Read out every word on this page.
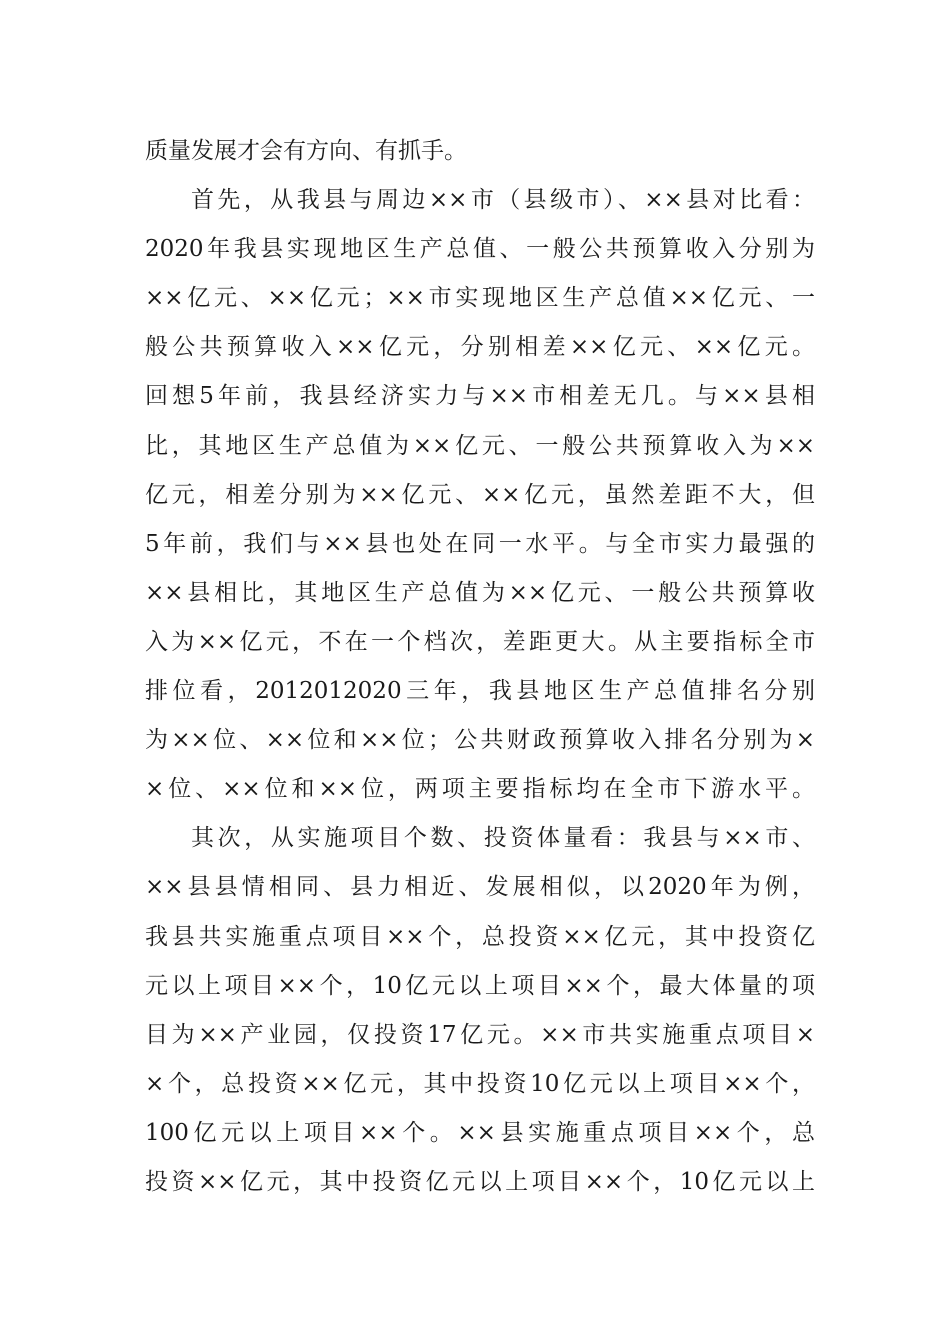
质量发展才会有方向、有抓手。
首先，从我县与周边××市（县级市）、××县对比看：
2020年我县实现地区生产总值、一般公共预算收入分别为
××亿元、××亿元；××市实现地区生产总值××亿元、一
般公共预算收入××亿元，分别相差××亿元、××亿元。
回想5年前，我县经济实力与××市相差无几。与××县相
比，其地区生产总值为××亿元、一般公共预算收入为××
亿元，相差分别为××亿元、××亿元，虽然差距不大，但
5年前，我们与××县也处在同一水平。与全市实力最强的
××县相比，其地区生产总值为××亿元、一般公共预算收
入为××亿元，不在一个档次，差距更大。从主要指标全市
排位看，2012012020三年，我县地区生产总值排名分别
为××位、××位和××位；公共财政预算收入排名分别为×
×位、××位和××位，两项主要指标均在全市下游水平。
其次，从实施项目个数、投资体量看：我县与××市、
××县县情相同、县力相近、发展相似，以2020年为例，
我县共实施重点项目××个，总投资××亿元，其中投资亿
元以上项目××个，10亿元以上项目××个，最大体量的项
目为××产业园，仅投资17亿元。××市共实施重点项目×
×个，总投资××亿元，其中投资10亿元以上项目××个，
100亿元以上项目××个。××县实施重点项目××个，总
投资××亿元，其中投资亿元以上项目××个，10亿元以上
